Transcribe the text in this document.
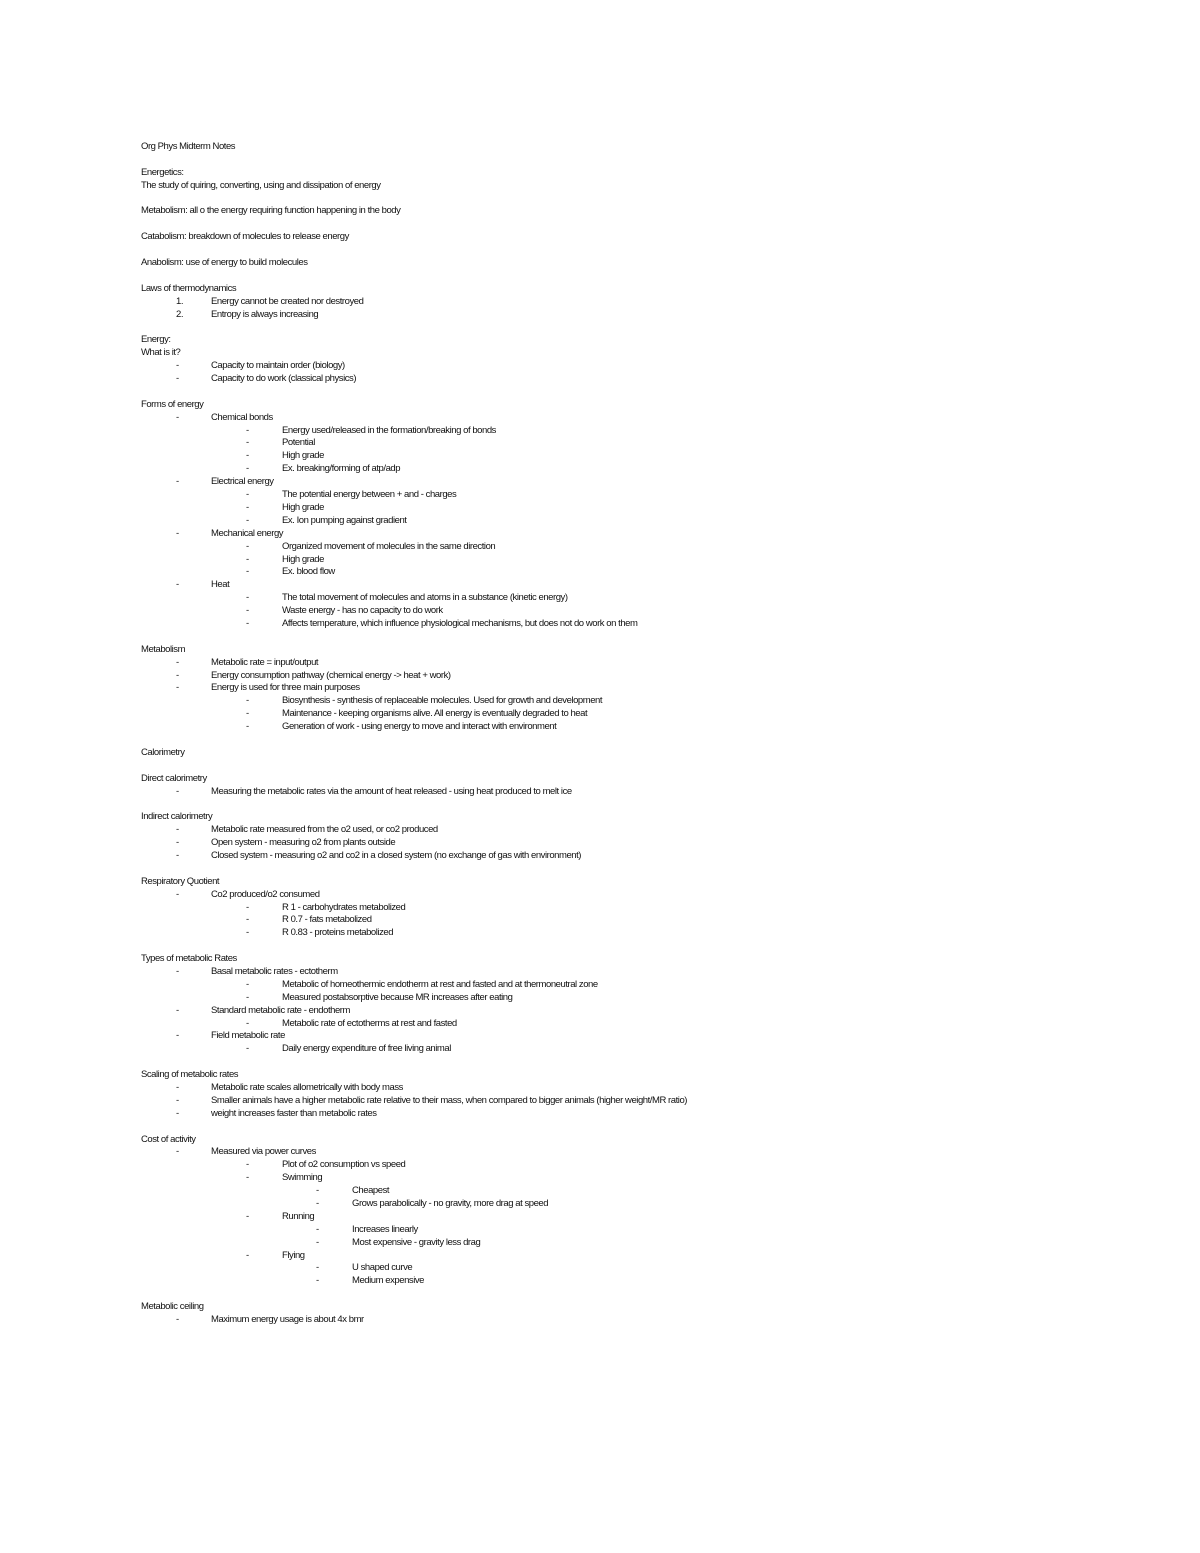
Org Phys Midterm Notes
Energetics:
The study of quiring, converting, using and dissipation of energy
Metabolism: all o the energy requiring function happening in the body
Catabolism: breakdown of molecules to release energy
Anabolism: use of energy to build molecules
Laws of thermodynamics
1.	Energy cannot be created nor destroyed
2.	Entropy is always increasing
Energy:
What is it?
-	Capacity to maintain order (biology)
-	Capacity to do work (classical physics)
Forms of energy
-	Chemical bonds
-	Energy used/released in the formation/breaking of bonds
-	Potential
-	High grade
-	Ex. breaking/forming of atp/adp
-	Electrical energy
-	The potential energy between + and - charges
-	High grade
-	Ex. Ion pumping against gradient
-	Mechanical energy
-	Organized movement of molecules in the same direction
-	High grade
-	Ex. blood flow
-	Heat
-	The total movement of molecules and atoms in a substance (kinetic energy)
-	Waste energy - has no capacity to do work
-	Affects temperature, which influence physiological mechanisms, but does not do work on them
Metabolism
-	Metabolic rate = input/output
-	Energy consumption pathway (chemical energy -> heat + work)
-	Energy is used for three main purposes
-	Biosynthesis - synthesis of replaceable molecules. Used for growth and development
-	Maintenance - keeping organisms alive. All energy is eventually degraded to heat
-	Generation of work - using energy to move and interact with environment
Calorimetry
Direct calorimetry
-	Measuring the metabolic rates via the amount of heat released - using heat produced to melt ice
Indirect calorimetry
-	Metabolic rate measured from the o2 used, or co2 produced
-	Open system - measuring o2 from plants outside
-	Closed system - measuring o2 and co2 in a closed system (no exchange of gas with environment)
Respiratory Quotient
-	Co2 produced/o2 consumed
-	R 1 - carbohydrates metabolized
-	R 0.7 - fats metabolized
-	R 0.83 - proteins metabolized
Types of metabolic Rates
-	Basal metabolic rates - ectotherm
-	Metabolic of homeothermic endotherm at rest and fasted and at thermoneutral zone
-	Measured postabsorptive because MR increases after eating
-	Standard metabolic rate - endotherm
-	Metabolic rate of ectotherms at rest and fasted
-	Field metabolic rate
-	Daily energy expenditure of free living animal
Scaling of metabolic rates
-	Metabolic rate scales allometrically with body mass
-	Smaller animals have a higher metabolic rate relative to their mass, when compared to bigger animals (higher weight/MR ratio)
-	weight increases faster than metabolic rates
Cost of activity
-	Measured via power curves
-	Plot of o2 consumption vs speed
-	Swimming
-	Cheapest
-	Grows parabolically - no gravity, more drag at speed
-	Running
-	Increases linearly
-	Most expensive - gravity less drag
-	Flying
-	U shaped curve
-	Medium expensive
Metabolic ceiling
-	Maximum energy usage is about 4x bmr
